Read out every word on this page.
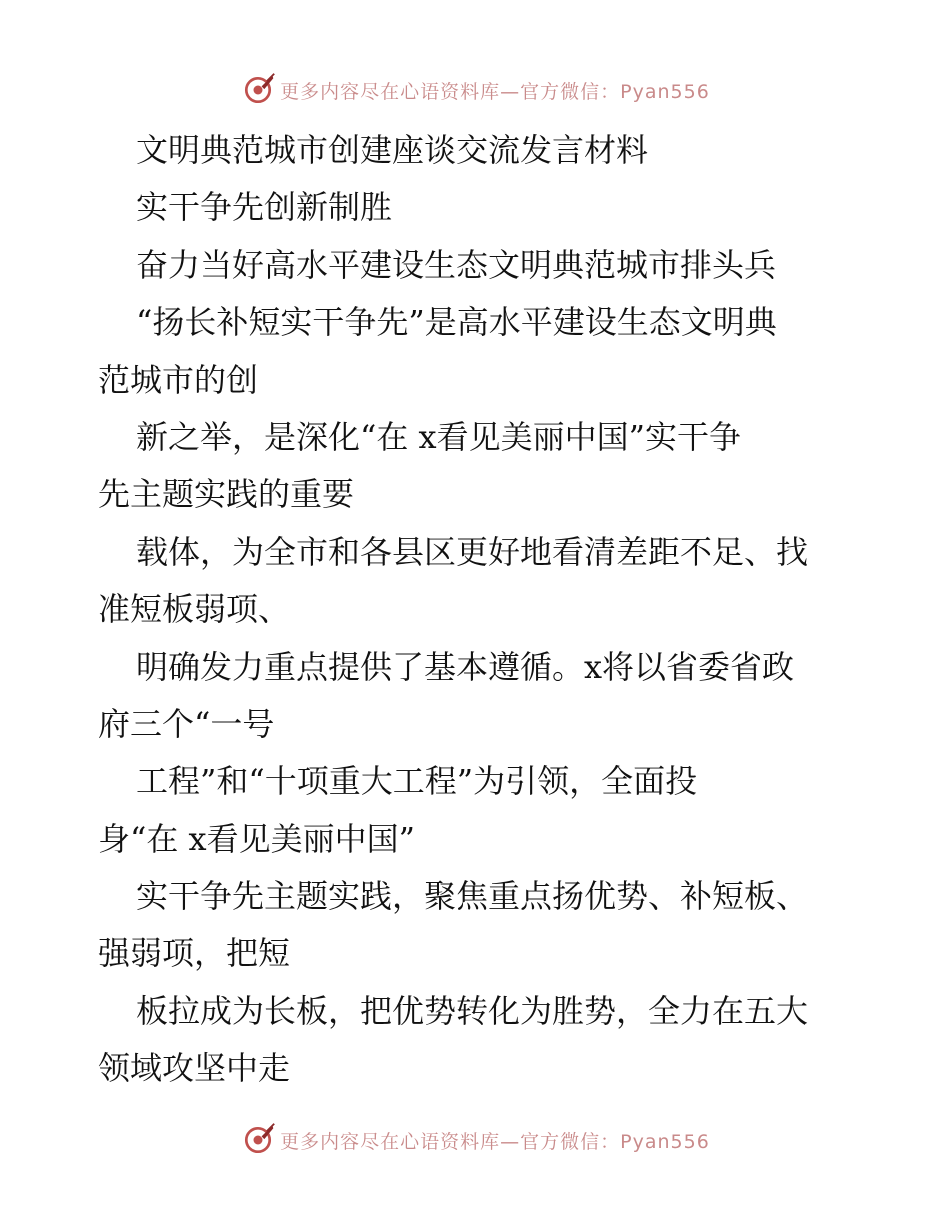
更多内容尽在心语资料库—官方微信：Pyan556
文明典范城市创建座谈交流发言材料
实干争先创新制胜
奋力当好高水平建设生态文明典范城市排头兵
“扬长补短实干争先”是高水平建设生态文明典
范城市的创
新之举，是深化“在 x看见美丽中国”实干争
先主题实践的重要
载体，为全市和各县区更好地看清差距不足、找
准短板弱项、
明确发力重点提供了基本遵循。x将以省委省政
府三个“一号
工程”和“十项重大工程”为引领，全面投
身“在 x看见美丽中国”
实干争先主题实践，聚焦重点扬优势、补短板、
强弱项，把短
板拉成为长板，把优势转化为胜势，全力在五大
领域攻坚中走
更多内容尽在心语资料库—官方微信：Pyan556
